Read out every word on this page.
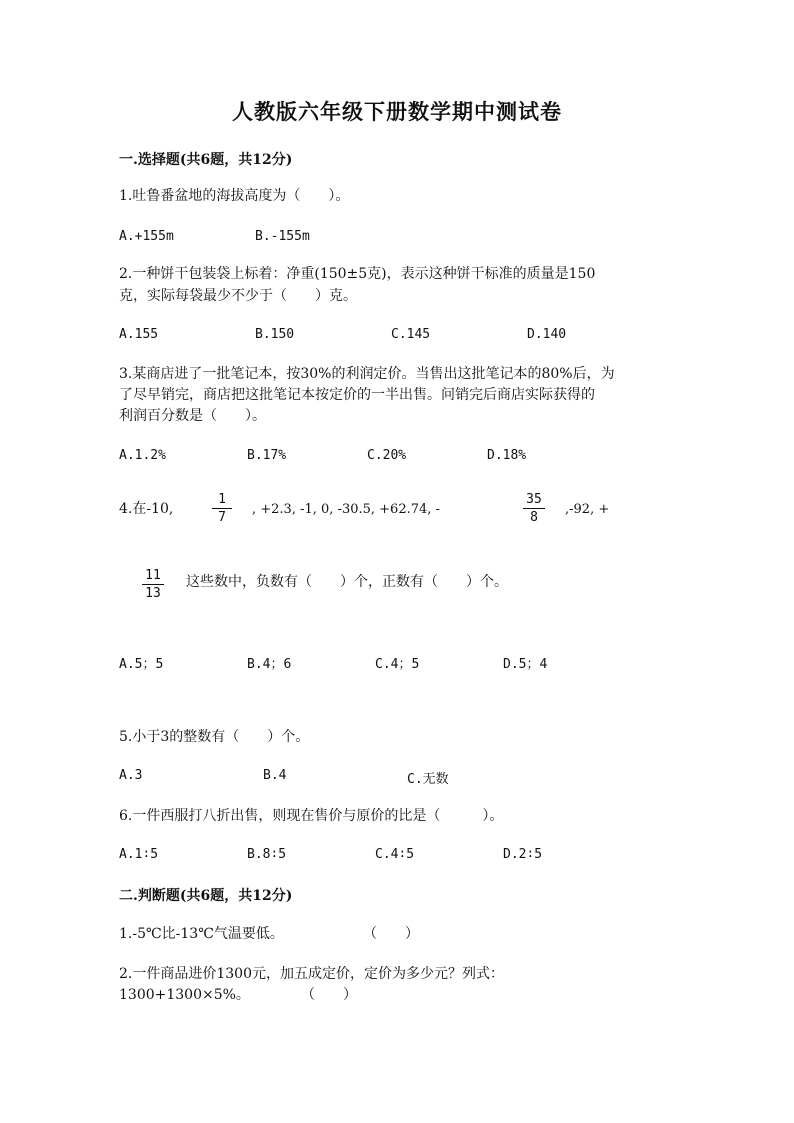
人教版六年级下册数学期中测试卷
一.选择题(共6题，共12分)
1.吐鲁番盆地的海拔高度为（　　）。
A.+155m	B.-155m
2.一种饼干包装袋上标着：净重(150±5克)，表示这种饼干标准的质量是150
克，实际每袋最少不少于（　　）克。
A.155	B.150	C.145	D.140
3.某商店进了一批笔记本，按30%的利润定价。当售出这批笔记本的80%后，为
了尽早销完，商店把这批笔记本按定价的一半出售。问销完后商店实际获得的
利润百分数是（　　）。
A.1.2%	B.17%	C.20%	D.18%
4.在-10,	$\frac{1}{7}$ , +2.3, -1, 0, -30.5, +62.74, -	$\frac{35}{8} ,-92$, +
$\frac{11}{13}$ 这些数中，负数有（　　）个，正数有（　　）个。
A.5；5	B.4；6	C.4；5	D.5；4
5.小于3的整数有（　　）个。
A.3	B.4	C.无数
6.一件西服打八折出售，则现在售价与原价的比是（　　　）。
A.1∶5	B.8∶5	C.4∶5	D.2∶5
二.判断题(共6题，共12分)
1.-5℃比-13℃气温要低。	（　　）
2.一件商品进价1300元，加五成定价，定价为多少元？列式：
1300+1300×5%。	（　　）
